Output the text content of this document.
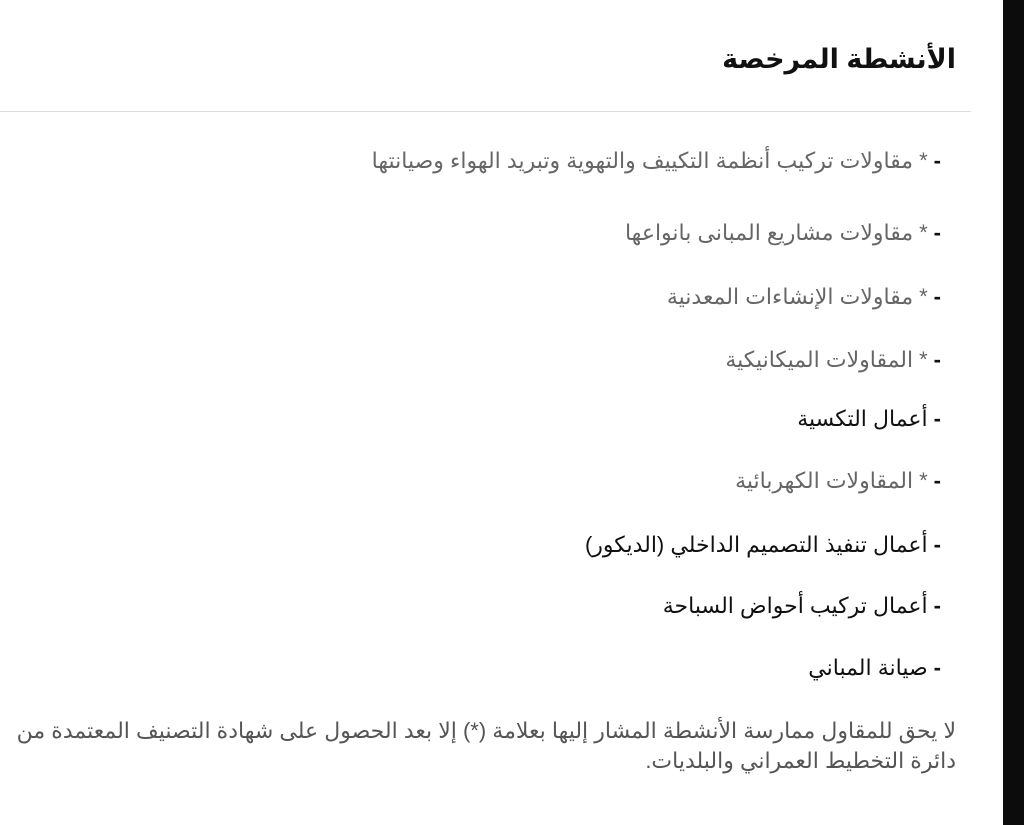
الأنشطة المرخصة
-*مقاولات تركيب أنظمة التكييف والتهوية وتبريد الهواء وصيانتها
-*مقاولات مشاريع المبانى بانواعها
-*مقاولات الإنشاءات المعدنية
-*المقاولات الميكانيكية
-أعمال التكسية
-*المقاولات الكهربائية
-أعمال تنفيذ التصميم الداخلي (الديكور)
-أعمال تركيب أحواض السباحة
-صيانة المباني

لا يحق للمقاول ممارسة الأنشطة المشار إليها بعلامة (*) إلا بعد الحصول على شهادة التصنيف المعتمدة من دائرة التخطيط العمراني والبلديات.
